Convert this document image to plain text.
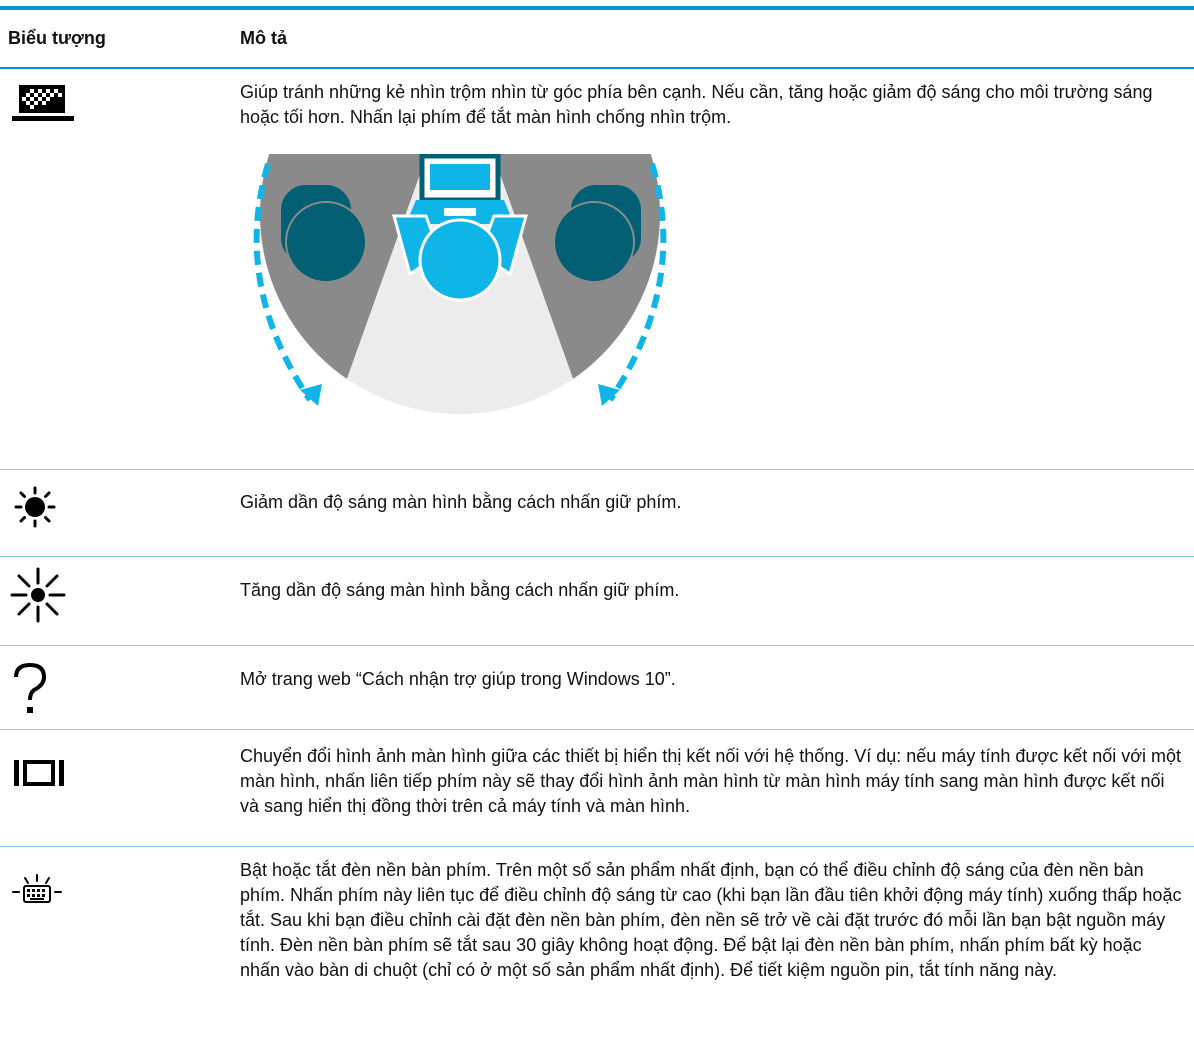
Biểu tượng	Mô tả

Giúp tránh những kẻ nhìn trộm nhìn từ góc phía bên cạnh. Nếu cần, tăng hoặc giảm độ sáng cho môi trường sáng hoặc tối hơn. Nhấn lại phím để tắt màn hình chống nhìn trộm.

Giảm dần độ sáng màn hình bằng cách nhấn giữ phím.

Tăng dần độ sáng màn hình bằng cách nhấn giữ phím.

Mở trang web “Cách nhận trợ giúp trong Windows 10”.

Chuyển đổi hình ảnh màn hình giữa các thiết bị hiển thị kết nối với hệ thống. Ví dụ: nếu máy tính được kết nối với một màn hình, nhấn liên tiếp phím này sẽ thay đổi hình ảnh màn hình từ màn hình máy tính sang màn hình được kết nối và sang hiển thị đồng thời trên cả máy tính và màn hình.

Bật hoặc tắt đèn nền bàn phím. Trên một số sản phẩm nhất định, bạn có thể điều chỉnh độ sáng của đèn nền bàn phím. Nhấn phím này liên tục để điều chỉnh độ sáng từ cao (khi bạn lần đầu tiên khởi động máy tính) xuống thấp hoặc tắt. Sau khi bạn điều chỉnh cài đặt đèn nền bàn phím, đèn nền sẽ trở về cài đặt trước đó mỗi lần bạn bật nguồn máy tính. Đèn nền bàn phím sẽ tắt sau 30 giây không hoạt động. Để bật lại đèn nền bàn phím, nhấn phím bất kỳ hoặc nhấn vào bàn di chuột (chỉ có ở một số sản phẩm nhất định). Để tiết kiệm nguồn pin, tắt tính năng này.
